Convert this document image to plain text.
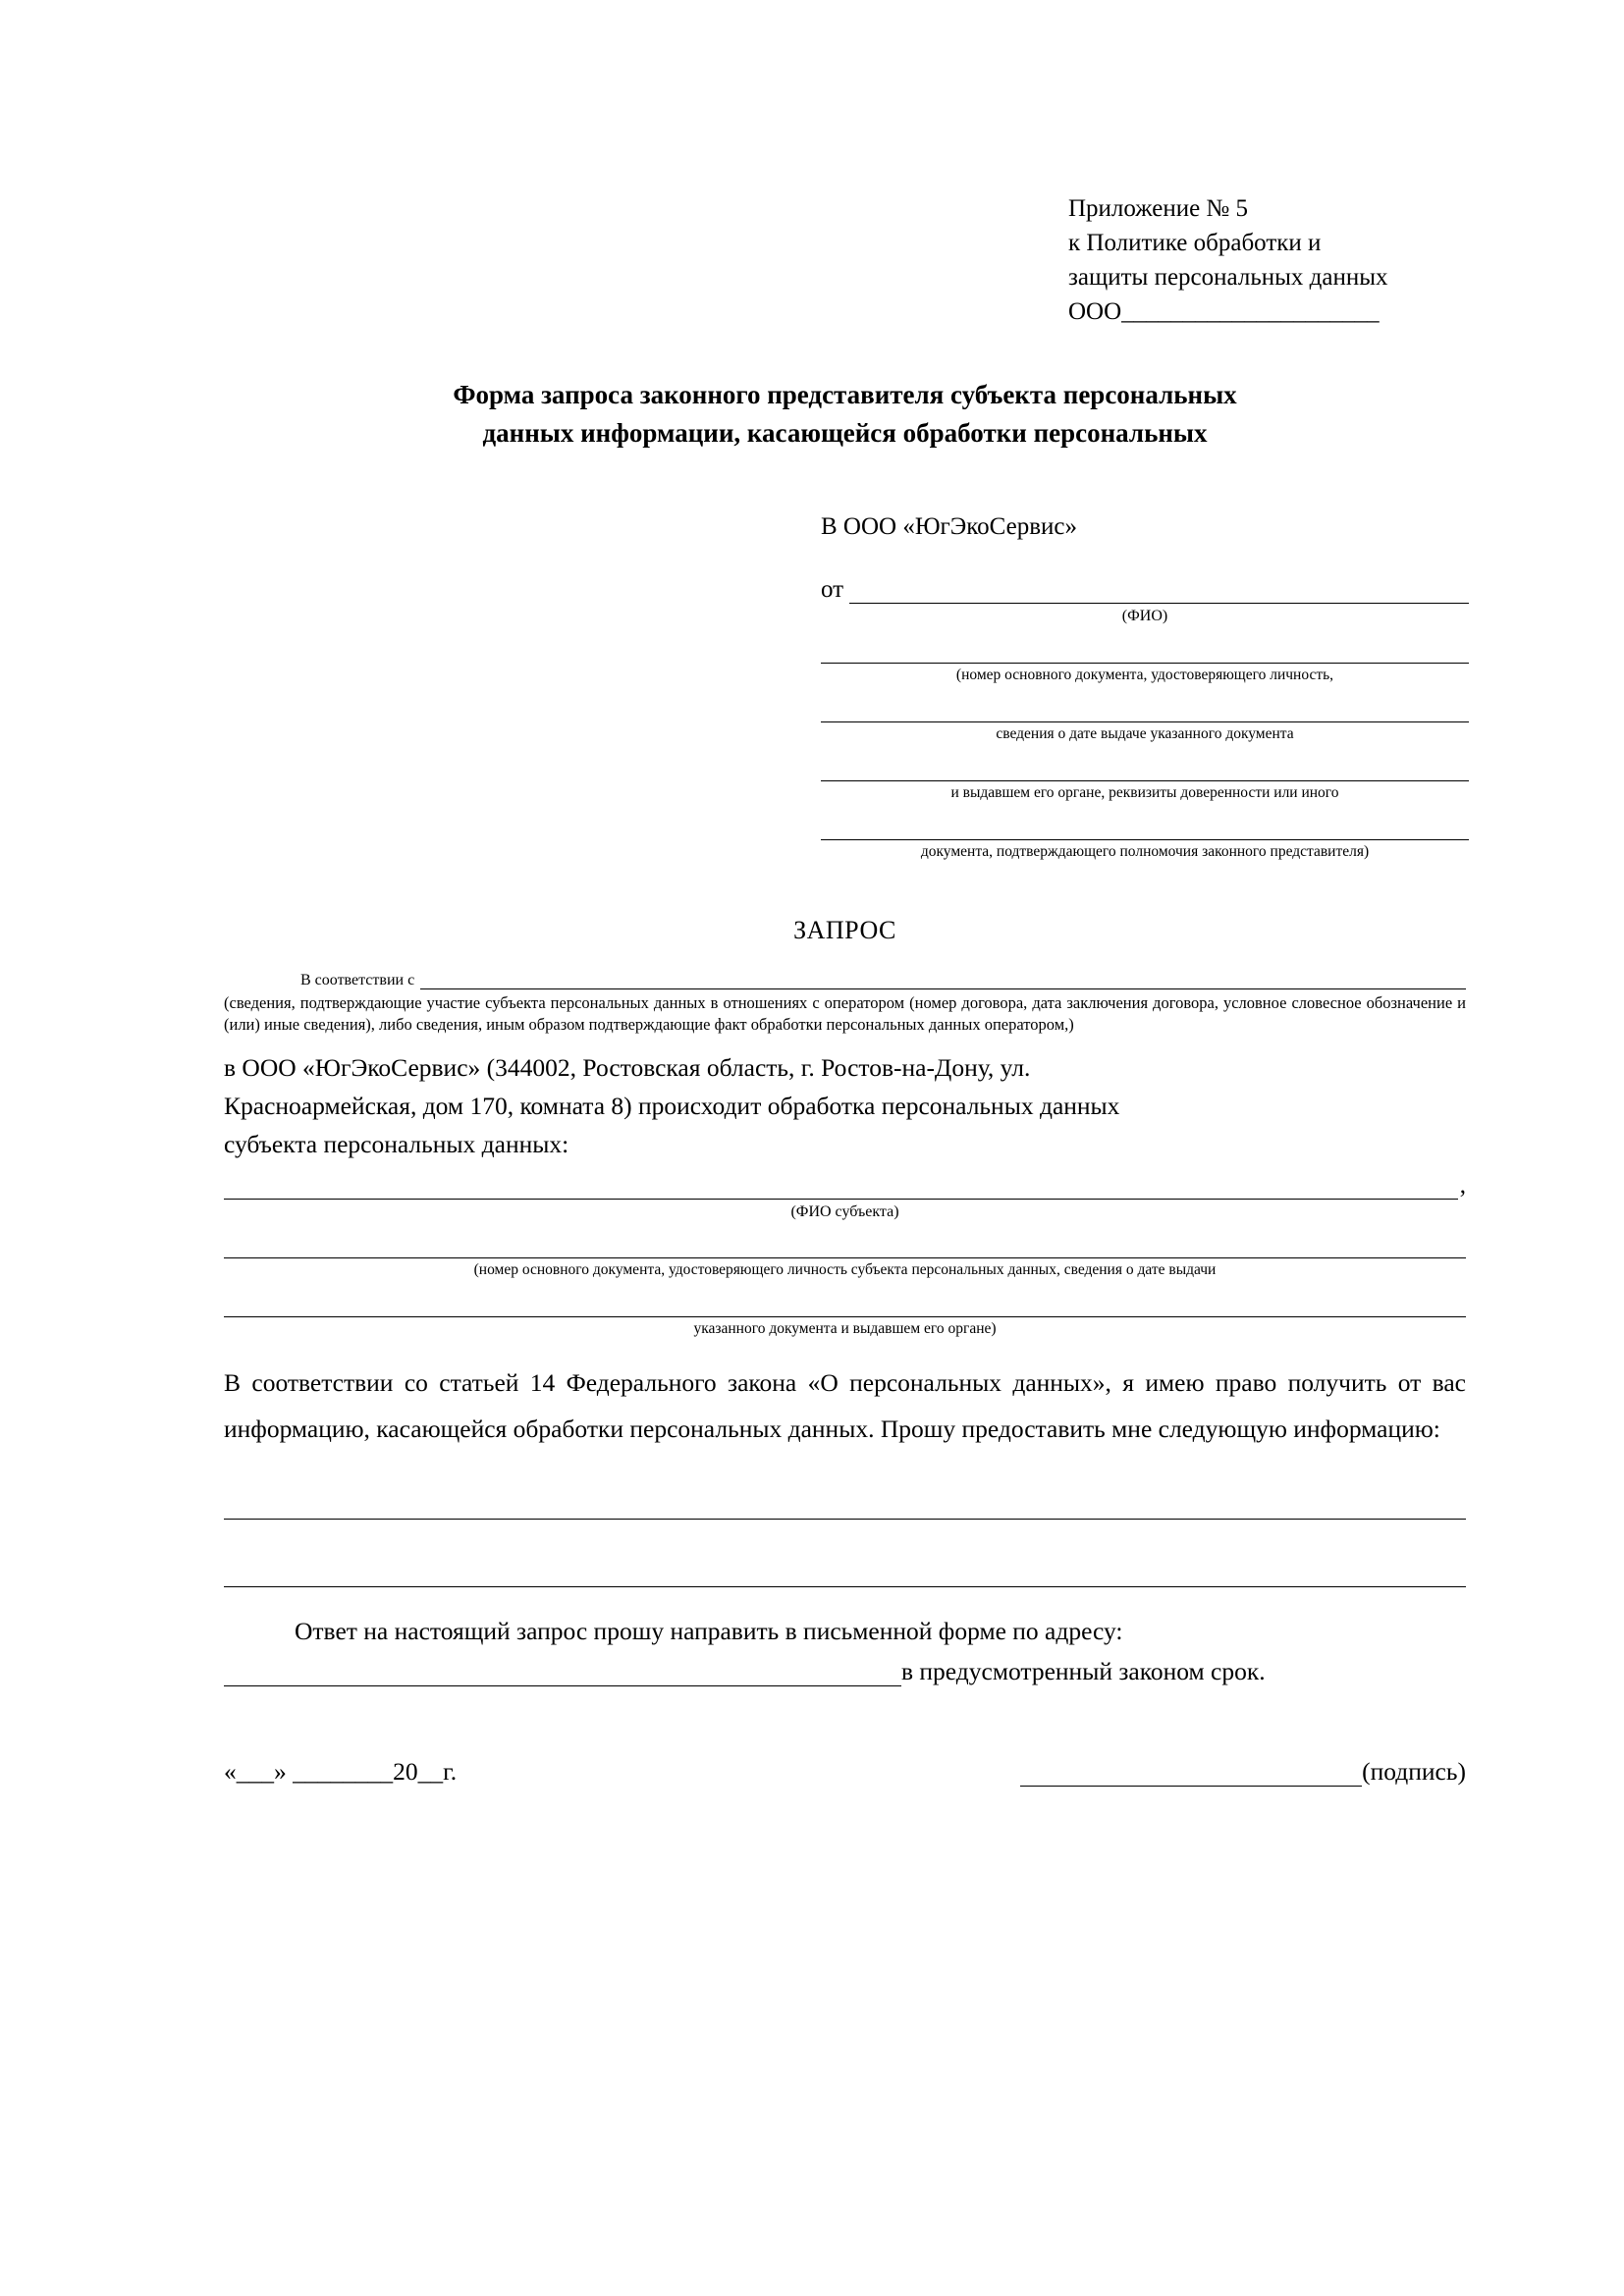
Приложение № 5
к Политике обработки и
защиты персональных данных
ООО_____________________
Форма запроса законного представителя субъекта персональных
данных информации, касающейся обработки персональных
В ООО «ЮгЭкоСервис»
от
(ФИО)
(номер основного документа, удостоверяющего личность,
сведения о дате выдаче указанного документа
и выдавшем его органе, реквизиты доверенности или иного
документа, подтверждающего полномочия законного представителя)
ЗАПРОС
В соответствии с
(сведения, подтверждающие участие субъекта персональных данных в отношениях с оператором (номер договора, дата заключения договора, условное словесное обозначение и (или) иные сведения), либо сведения, иным образом подтверждающие факт обработки персональных данных оператором,)
в ООО «ЮгЭкоСервис» (344002, Ростовская область, г. Ростов-на-Дону, ул.
Красноармейская, дом 170, комната 8) происходит обработка персональных данных
субъекта персональных данных:
,
(ФИО субъекта)
(номер основного документа, удостоверяющего личность субъекта персональных данных, сведения о дате выдачи
указанного документа и выдавшем его органе)
В соответствии со статьей 14 Федерального закона «О персональных данных», я имею право получить от вас информацию, касающейся обработки персональных данных. Прошу предоставить мне следующую информацию:
Ответ на настоящий запрос прошу направить в письменной форме по адресу:
в предусмотренный законом срок.
«___» ________20__г.	(подпись)
